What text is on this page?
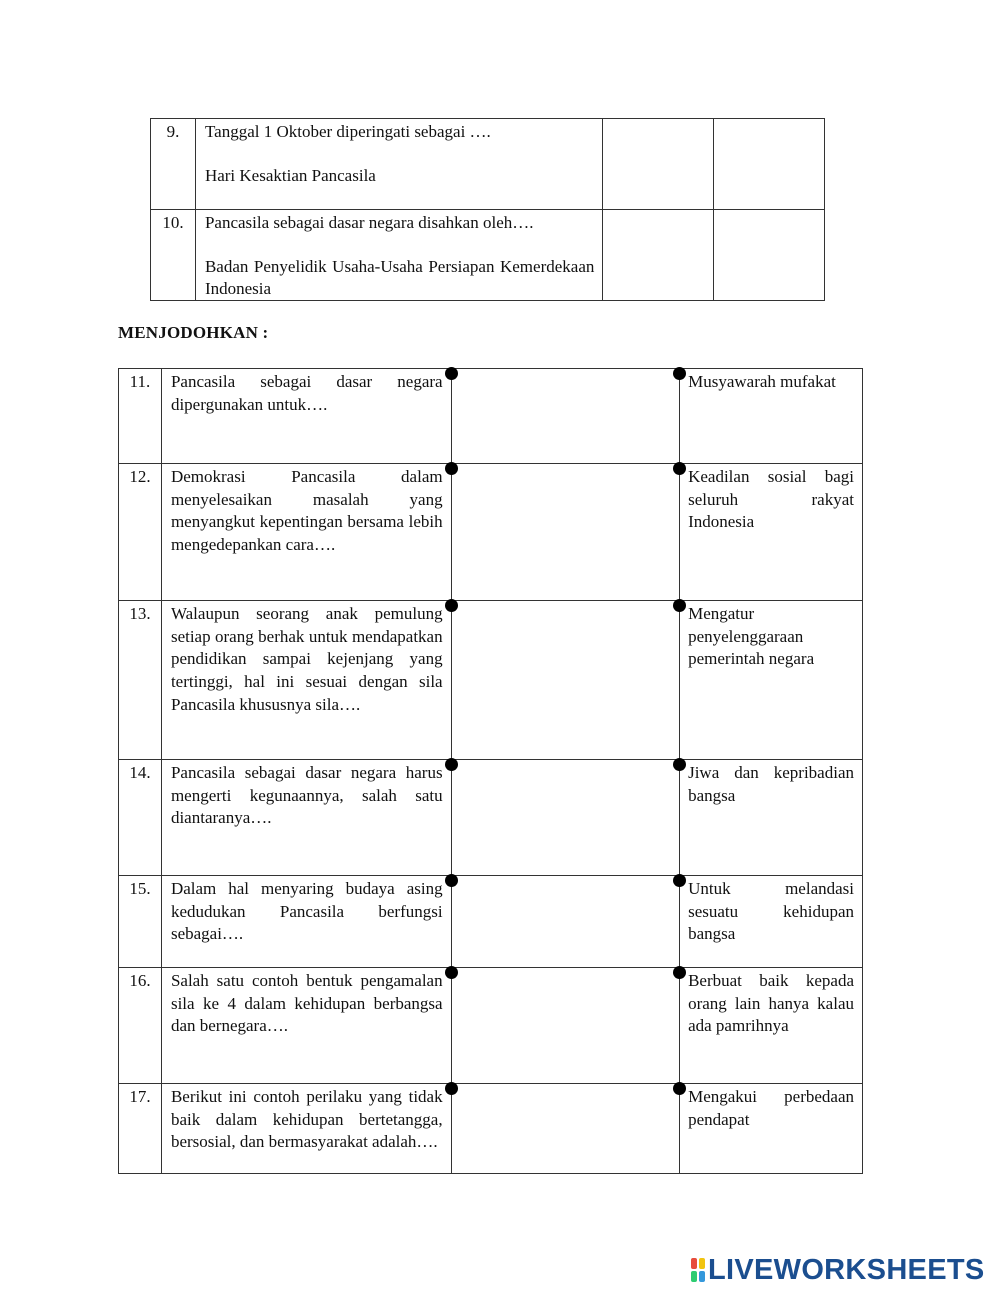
9.	Tanggal 1 Oktober diperingati sebagai ….
Hari Kesaktian Pancasila		

10.	Pancasila sebagai dasar negara disahkan oleh….
Badan Penyelidik Usaha-Usaha Persiapan Kemerdekaan Indonesia		

MENJODOHKAN :
11.	Pancasila sebagai dasar negara dipergunakan untuk….		Musyawarah mufakat
12.	Demokrasi Pancasila dalam menyelesaikan masalah yang menyangkut kepentingan bersama lebih mengedepankan cara….		Keadilan sosial bagi seluruh rakyat Indonesia
13.	Walaupun seorang anak pemulung setiap orang berhak untuk mendapatkan pendidikan sampai kejenjang yang tertinggi, hal ini sesuai dengan sila Pancasila khususnya sila….		Mengatur penyelenggaraan pemerintah negara
14.	Pancasila sebagai dasar negara harus mengerti kegunaannya, salah satu diantaranya….		Jiwa dan kepribadian bangsa
15.	Dalam hal menyaring budaya asing kedudukan Pancasila berfungsi sebagai….		Untuk melandasi sesuatu kehidupan bangsa
16.	Salah satu contoh bentuk pengamalan sila ke 4 dalam kehidupan berbangsa dan bernegara….		Berbuat baik kepada orang lain hanya kalau ada pamrihnya
17.	Berikut ini contoh perilaku yang tidak baik dalam kehidupan bertetangga, bersosial, dan bermasyarakat adalah….		Mengakui perbedaan pendapat
LIVEWORKSHEETS
